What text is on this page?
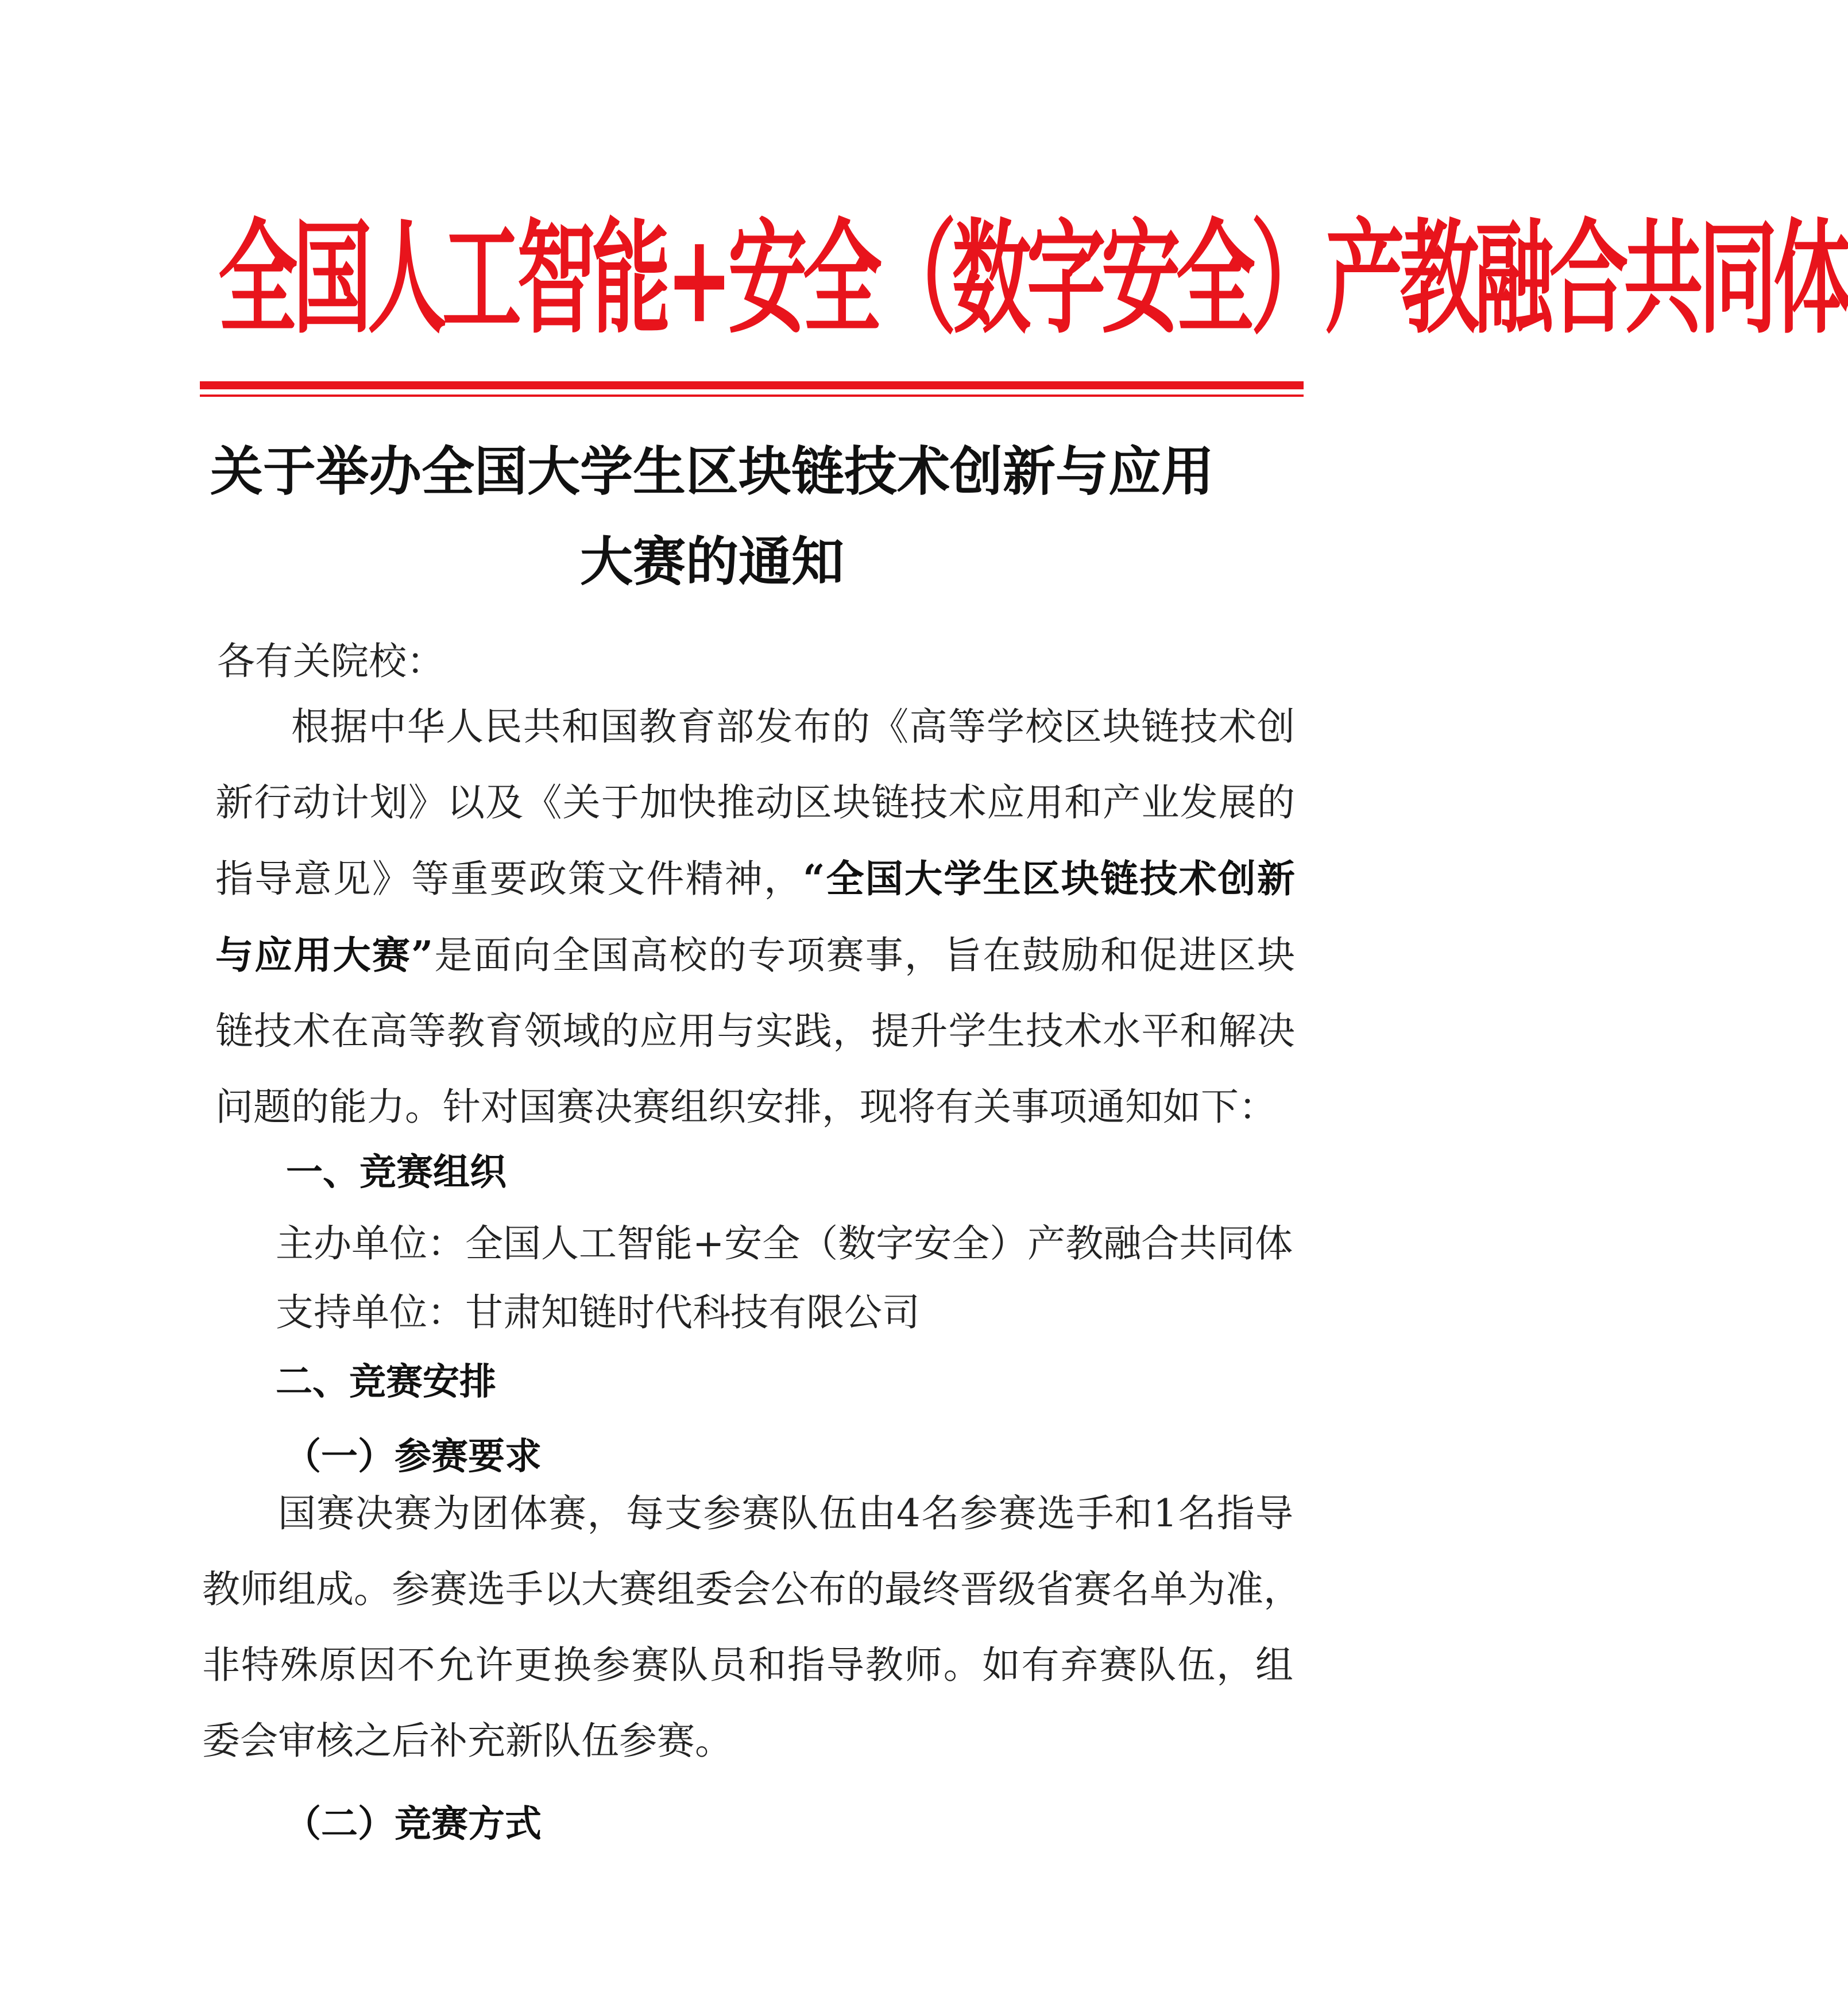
全国人工智能+安全（数字安全）产教融合共同体
关于举办全国大学生区块链技术创新与应用
大赛的通知
各有关院校：

根据中华人民共和国教育部发布的《高等学校区块链技术创

新行动计划》以及《关于加快推动区块链技术应用和产业发展的

指导意见》等重要政策文件精神，“全国大学生区块链技术创新

与应用大赛”是面向全国高校的专项赛事，旨在鼓励和促进区块

链技术在高等教育领域的应用与实践，提升学生技术水平和解决

问题的能力。针对国赛决赛组织安排，现将有关事项通知如下：

一、竞赛组织
主办单位：全国人工智能+安全（数字安全）产教融合共同体
支持单位：甘肃知链时代科技有限公司
二、竞赛安排
（一）参赛要求

国赛决赛为团体赛，每支参赛队伍由4名参赛选手和1名指导

教师组成。参赛选手以大赛组委会公布的最终晋级省赛名单为准，

非特殊原因不允许更换参赛队员和指导教师。如有弃赛队伍，组

委会审核之后补充新队伍参赛。

（二）竞赛方式
